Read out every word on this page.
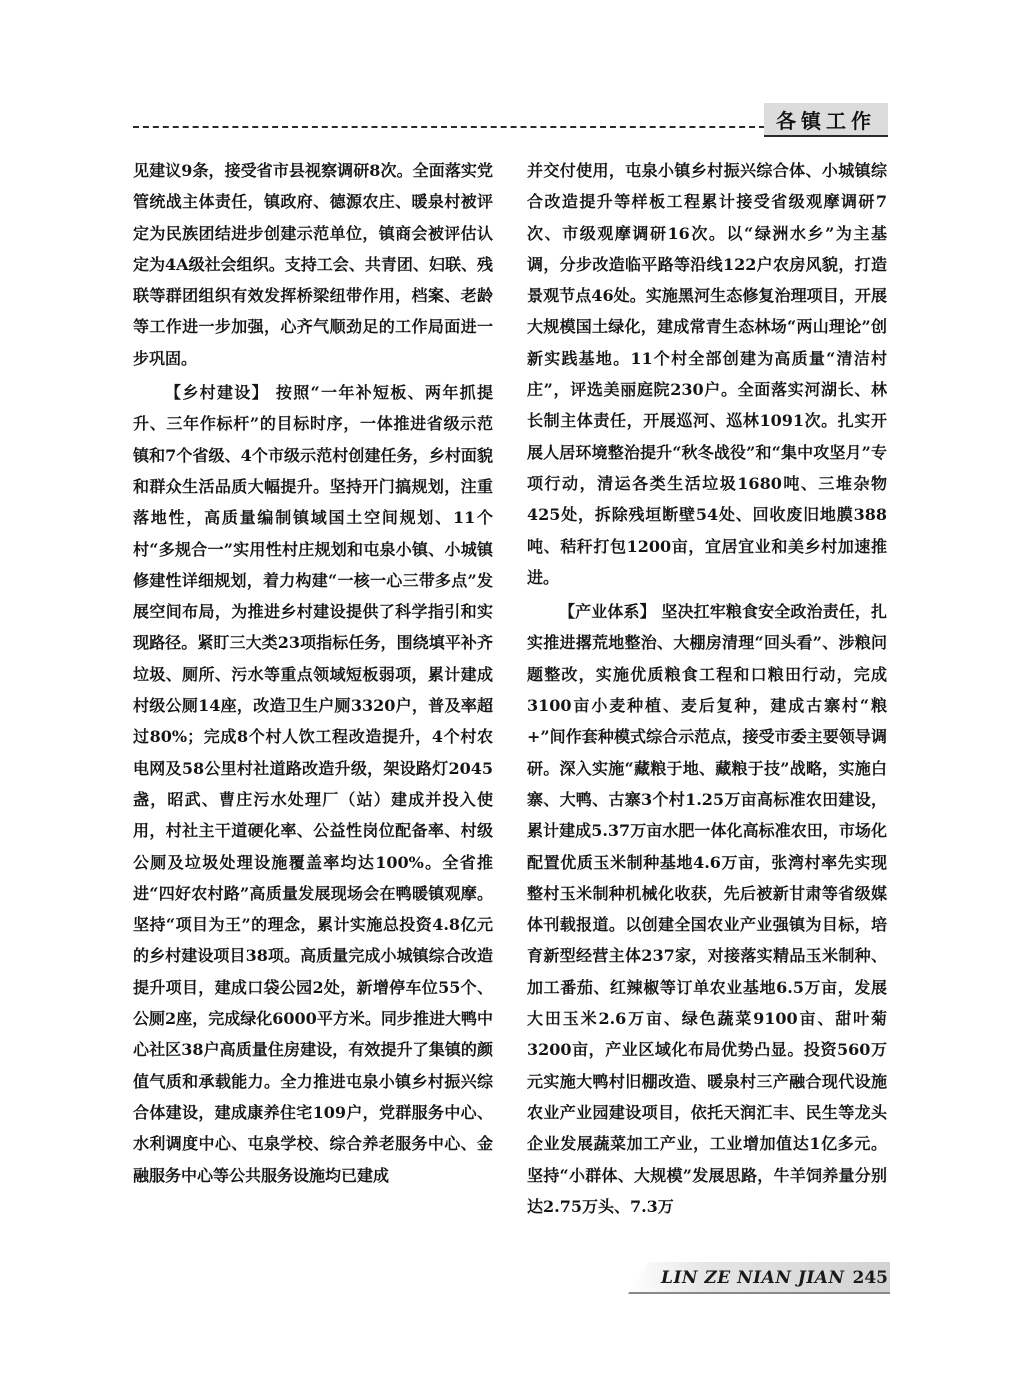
各镇工作

见建议9条，接受省市县视察调研8次。全面落实党管统战主体责任，镇政府、德源农庄、暖泉村被评定为民族团结进步创建示范单位，镇商会被评估认定为4A级社会组织。支持工会、共青团、妇联、残联等群团组织有效发挥桥梁纽带作用，档案、老龄等工作进一步加强，心齐气顺劲足的工作局面进一步巩固。

【乡村建设】 按照“一年补短板、两年抓提升、三年作标杆”的目标时序，一体推进省级示范镇和7个省级、4个市级示范村创建任务，乡村面貌和群众生活品质大幅提升。坚持开门搞规划，注重落地性，高质量编制镇域国土空间规划、11个村“多规合一”实用性村庄规划和屯泉小镇、小城镇修建性详细规划，着力构建“一核一心三带多点”发展空间布局，为推进乡村建设提供了科学指引和实现路径。紧盯三大类23项指标任务，围绕填平补齐垃圾、厕所、污水等重点领域短板弱项，累计建成村级公厕14座，改造卫生户厕3320户，普及率超过80%；完成8个村人饮工程改造提升，4个村农电网及58公里村社道路改造升级，架设路灯2045盏，昭武、曹庄污水处理厂（站）建成并投入使用，村社主干道硬化率、公益性岗位配备率、村级公厕及垃圾处理设施覆盖率均达100%。全省推进“四好农村路”高质量发展现场会在鸭暖镇观摩。坚持“项目为王”的理念，累计实施总投资4.8亿元的乡村建设项目38项。高质量完成小城镇综合改造提升项目，建成口袋公园2处，新增停车位55个、公厕2座，完成绿化6000平方米。同步推进大鸭中心社区38户高质量住房建设，有效提升了集镇的颜值气质和承载能力。全力推进屯泉小镇乡村振兴综合体建设，建成康养住宅109户，党群服务中心、水利调度中心、屯泉学校、综合养老服务中心、金融服务中心等公共服务设施均已建成

并交付使用，屯泉小镇乡村振兴综合体、小城镇综合改造提升等样板工程累计接受省级观摩调研7次、市级观摩调研16次。以“绿洲水乡”为主基调，分步改造临平路等沿线122户农房风貌，打造景观节点46处。实施黑河生态修复治理项目，开展大规模国土绿化，建成常青生态林场“两山理论”创新实践基地。11个村全部创建为高质量“清洁村庄”，评选美丽庭院230户。全面落实河湖长、林长制主体责任，开展巡河、巡林1091次。扎实开展人居环境整治提升“秋冬战役”和“集中攻坚月”专项行动，清运各类生活垃圾1680吨、三堆杂物425处，拆除残垣断壁54处、回收废旧地膜388吨、秸秆打包1200亩，宜居宜业和美乡村加速推进。

【产业体系】 坚决扛牢粮食安全政治责任，扎实推进撂荒地整治、大棚房清理“回头看”、涉粮问题整改，实施优质粮食工程和口粮田行动，完成3100亩小麦种植、麦后复种，建成古寨村“粮+”间作套种模式综合示范点，接受市委主要领导调研。深入实施“藏粮于地、藏粮于技”战略，实施白寨、大鸭、古寨3个村1.25万亩高标准农田建设，累计建成5.37万亩水肥一体化高标准农田，市场化配置优质玉米制种基地4.6万亩，张湾村率先实现整村玉米制种机械化收获，先后被新甘肃等省级媒体刊载报道。以创建全国农业产业强镇为目标，培育新型经营主体237家，对接落实精品玉米制种、加工番茄、红辣椒等订单农业基地6.5万亩，发展大田玉米2.6万亩、绿色蔬菜9100亩、甜叶菊3200亩，产业区域化布局优势凸显。投资560万元实施大鸭村旧棚改造、暖泉村三产融合现代设施农业产业园建设项目，依托天润汇丰、民生等龙头企业发展蔬菜加工产业，工业增加值达1亿多元。坚持“小群体、大规模”发展思路，牛羊饲养量分别达2.75万头、7.3万

LIN ZE NIAN JIAN 245
